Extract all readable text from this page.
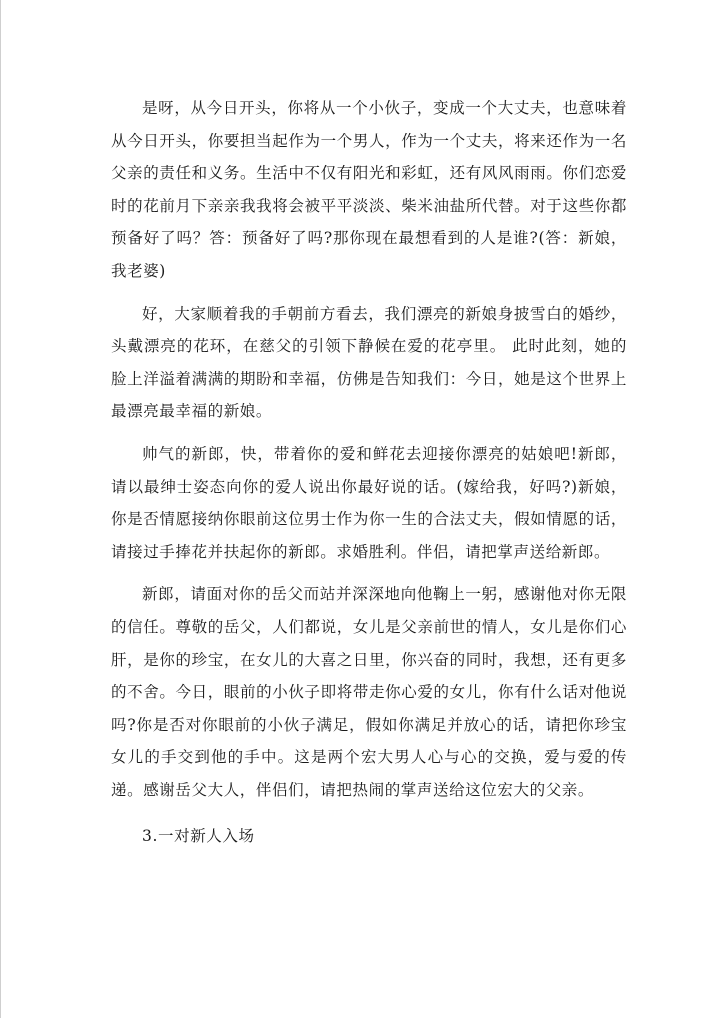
是呀，从今日开头，你将从一个小伙子，变成一个大丈夫，也意味着从今日开头，你要担当起作为一个男人，作为一个丈夫，将来还作为一名父亲的责任和义务。生活中不仅有阳光和彩虹，还有风风雨雨。你们恋爱时的花前月下亲亲我我将会被平平淡淡、柴米油盐所代替。对于这些你都预备好了吗？答：预备好了吗?那你现在最想看到的人是谁?(答：新娘，我老婆)

好，大家顺着我的手朝前方看去，我们漂亮的新娘身披雪白的婚纱，头戴漂亮的花环，在慈父的引领下静候在爱的花亭里。 此时此刻，她的脸上洋溢着满满的期盼和幸福，仿佛是告知我们：今日，她是这个世界上最漂亮最幸福的新娘。

帅气的新郎，快，带着你的爱和鲜花去迎接你漂亮的姑娘吧!新郎，请以最绅士姿态向你的爱人说出你最好说的话。(嫁给我，好吗?)新娘，你是否情愿接纳你眼前这位男士作为你一生的合法丈夫，假如情愿的话，请接过手捧花并扶起你的新郎。求婚胜利。伴侣，请把掌声送给新郎。

新郎，请面对你的岳父而站并深深地向他鞠上一躬，感谢他对你无限的信任。尊敬的岳父，人们都说，女儿是父亲前世的情人，女儿是你们心肝，是你的珍宝，在女儿的大喜之日里，你兴奋的同时，我想，还有更多的不舍。今日，眼前的小伙子即将带走你心爱的女儿，你有什么话对他说吗?你是否对你眼前的小伙子满足，假如你满足并放心的话，请把你珍宝女儿的手交到他的手中。这是两个宏大男人心与心的交换，爱与爱的传递。感谢岳父大人，伴侣们，请把热闹的掌声送给这位宏大的父亲。

3.一对新人入场
